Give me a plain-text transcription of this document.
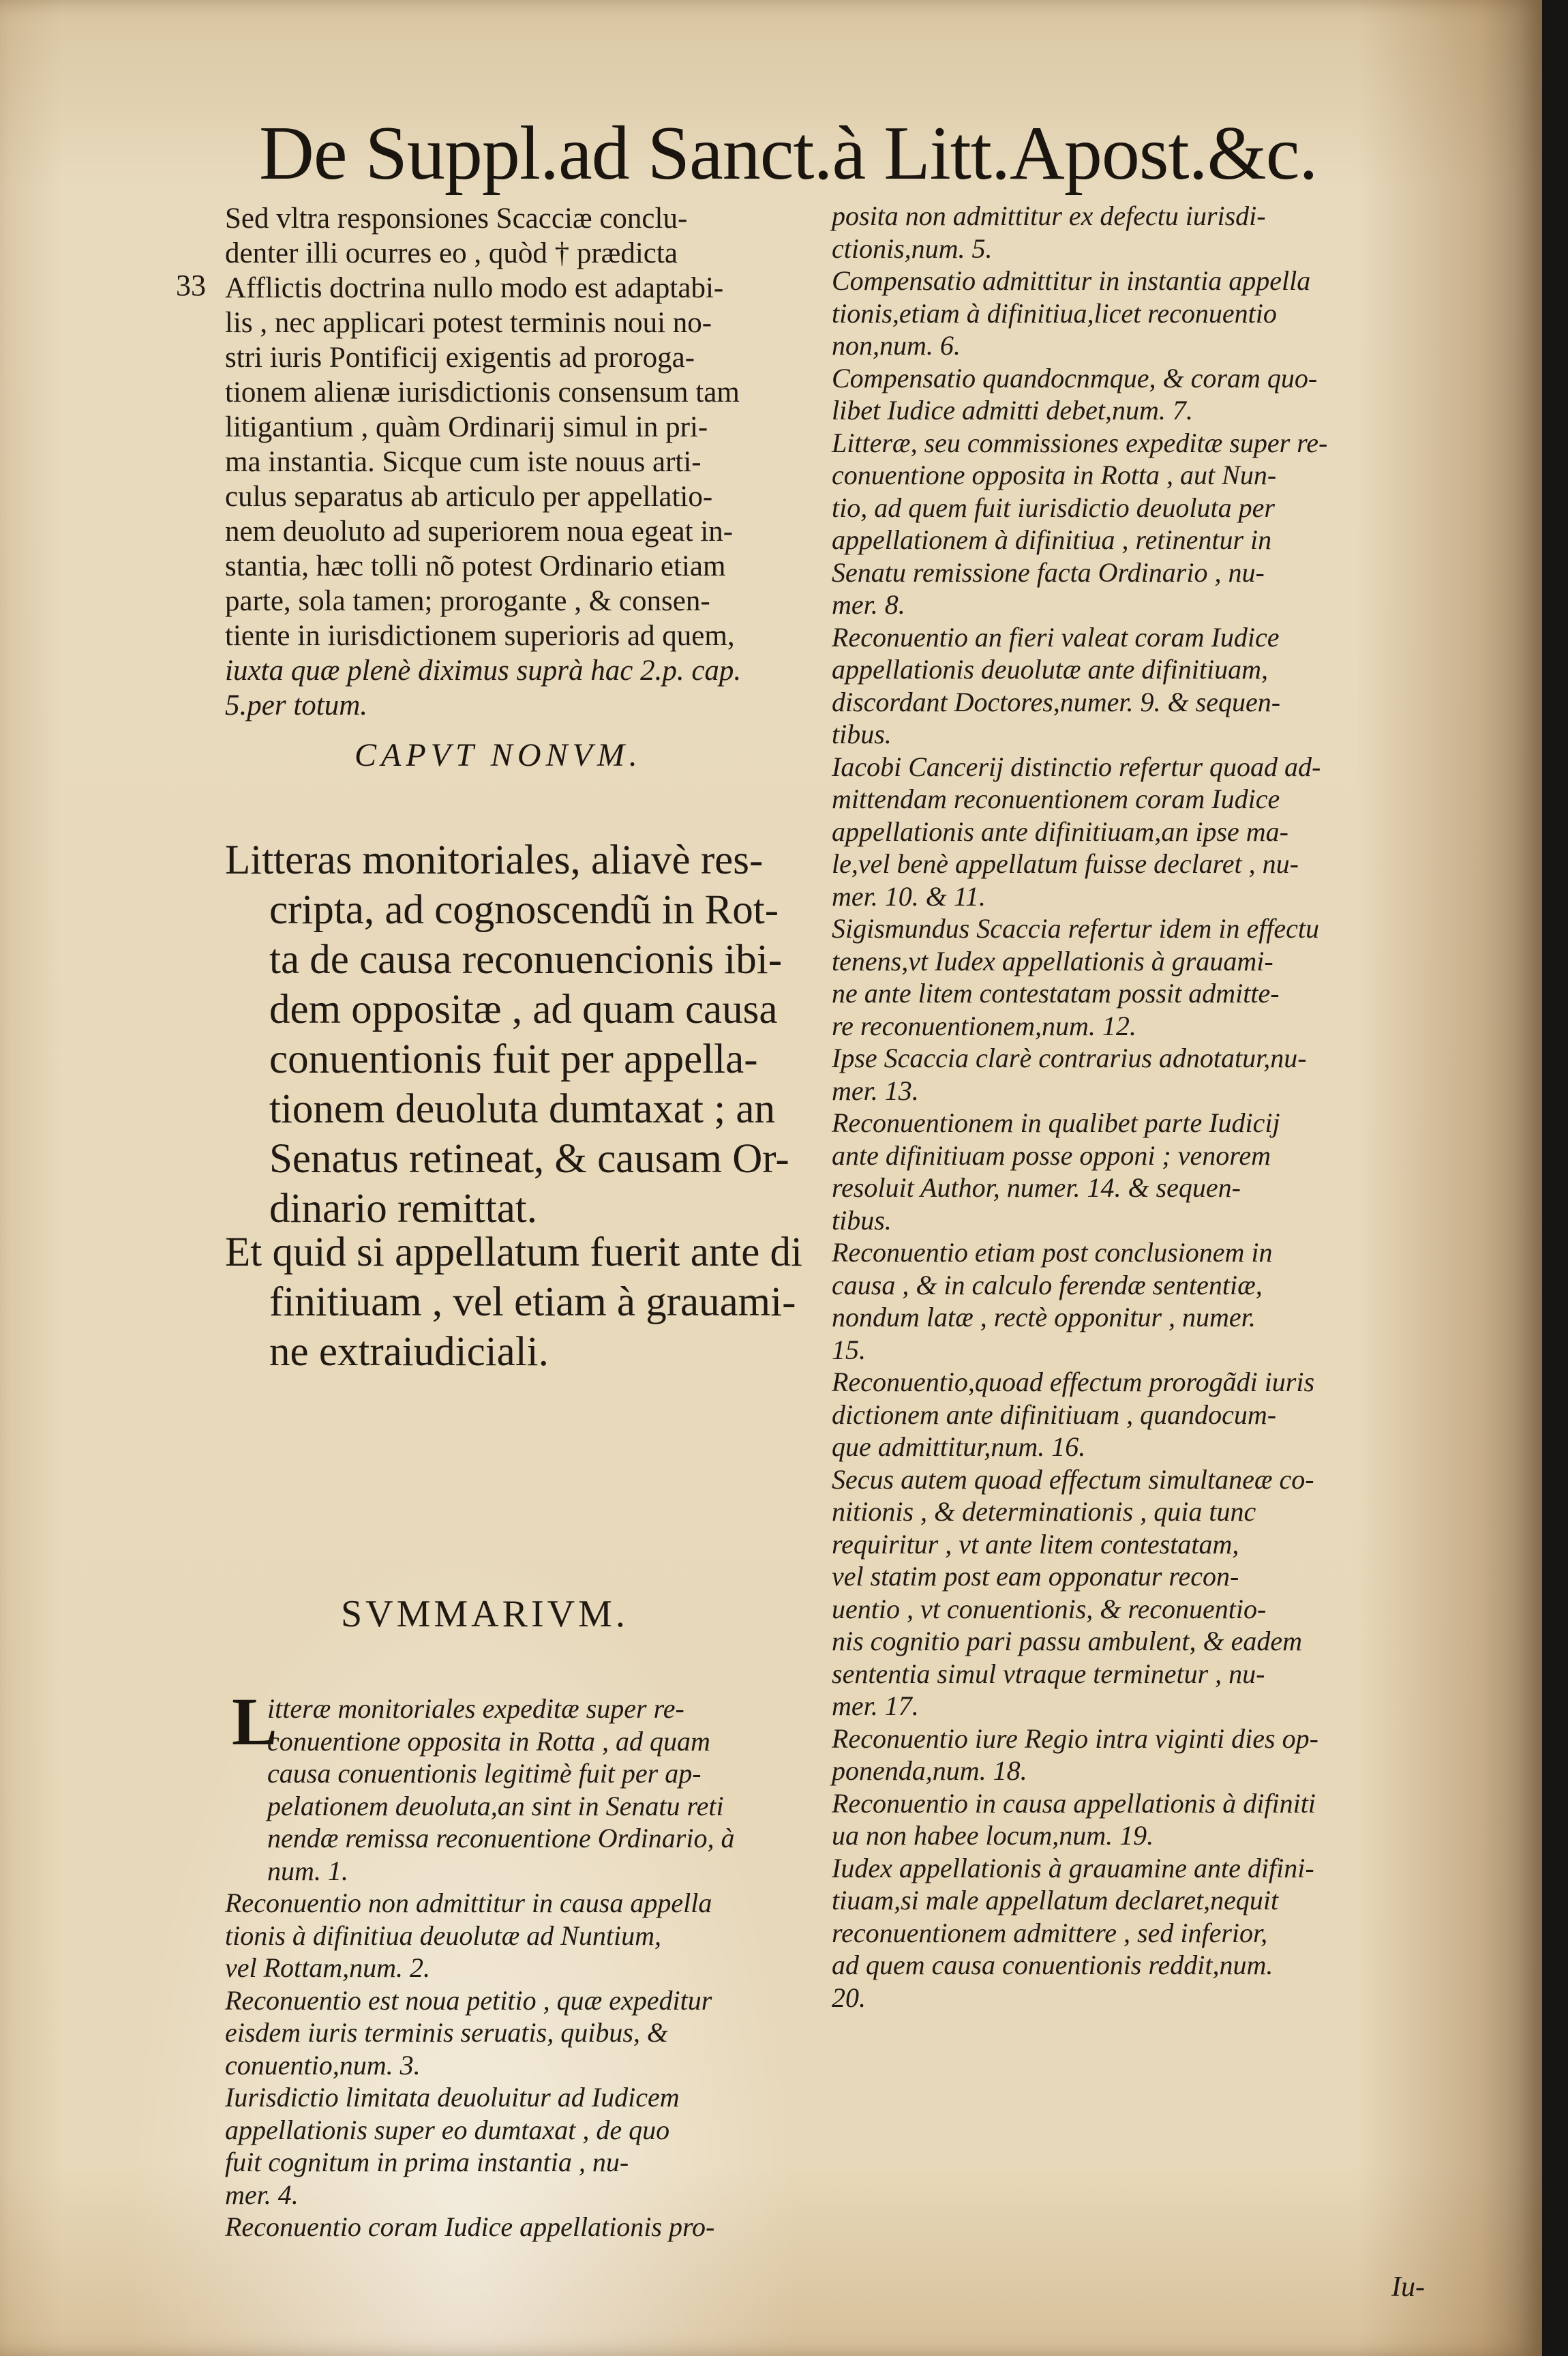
De Suppl.ad Sanct.à Litt.Apost.&c.
33
Sed vltra responsiones Scacciæ conclu-
denter illi ocurres eo , quòd † prædicta
Afflictis doctrina nullo modo est adaptabi-
lis , nec applicari potest terminis noui no-
stri iuris Pontificij exigentis ad proroga-
tionem alienæ iurisdictionis consensum tam
litigantium , quàm Ordinarij simul in pri-
ma instantia. Sicque cum iste nouus arti-
culus separatus ab articulo per appellatio-
nem deuoluto ad superiorem noua egeat in-
stantia, hæc tolli nõ potest Ordinario etiam
parte, sola tamen; prorogante , & consen-
tiente in iurisdictionem superioris ad quem,
iuxta quæ plenè diximus suprà hac 2.p. cap.
5.per totum.
CAPVT NONVM.
Litteras monitoriales, aliavè res-
cripta, ad cognoscendũ in Rot-
ta de causa reconuencionis ibi-
dem oppositæ , ad quam causa
conuentionis fuit per appella-
tionem deuoluta dumtaxat ; an
Senatus retineat, & causam Or-
dinario remittat.
Et quid si appellatum fuerit ante di
finitiuam , vel etiam à grauami-
ne extraiudiciali.
SVMMARIVM.
L
itteræ monitoriales expeditæ super re-
conuentione opposita in Rotta , ad quam
causa conuentionis legitimè fuit per ap-
pelationem deuoluta,an sint in Senatu reti
nendæ remissa reconuentione Ordinario, à
num. 1.
Reconuentio non admittitur in causa appella
tionis à difinitiua deuolutæ ad Nuntium,
vel Rottam,num. 2.
Reconuentio est noua petitio , quæ expeditur
eisdem iuris terminis seruatis, quibus, &
conuentio,num. 3.
Iurisdictio limitata deuoluitur ad Iudicem
appellationis super eo dumtaxat , de quo
fuit cognitum in prima instantia , nu-
mer. 4.
Reconuentio coram Iudice appellationis pro-
posita non admittitur ex defectu iurisdi-
ctionis,num. 5.
Compensatio admittitur in instantia appella
tionis,etiam à difinitiua,licet reconuentio
non,num. 6.
Compensatio quandocnmque, & coram quo-
libet Iudice admitti debet,num. 7.
Litteræ, seu commissiones expeditæ super re-
conuentione opposita in Rotta , aut Nun-
tio, ad quem fuit iurisdictio deuoluta per
appellationem à difinitiua , retinentur in
Senatu remissione facta Ordinario , nu-
mer. 8.
Reconuentio an fieri valeat coram Iudice
appellationis deuolutæ ante difinitiuam,
discordant Doctores,numer. 9. & sequen-
tibus.
Iacobi Cancerij distinctio refertur quoad ad-
mittendam reconuentionem coram Iudice
appellationis ante difinitiuam,an ipse ma-
le,vel benè appellatum fuisse declaret , nu-
mer. 10. & 11.
Sigismundus Scaccia refertur idem in effectu
tenens,vt Iudex appellationis à grauami-
ne ante litem contestatam possit admitte-
re reconuentionem,num. 12.
Ipse Scaccia clarè contrarius adnotatur,nu-
mer. 13.
Reconuentionem in qualibet parte Iudicij
ante difinitiuam posse opponi ; venorem
resoluit Author, numer. 14. & sequen-
tibus.
Reconuentio etiam post conclusionem in
causa , & in calculo ferendæ sententiæ,
nondum latæ , rectè opponitur , numer.
15.
Reconuentio,quoad effectum prorogãdi iuris
dictionem ante difinitiuam , quandocum-
que admittitur,num. 16.
Secus autem quoad effectum simultaneæ co-
nitionis , & determinationis , quia tunc
requiritur , vt ante litem contestatam,
vel statim post eam opponatur recon-
uentio , vt conuentionis, & reconuentio-
nis cognitio pari passu ambulent, & eadem
sententia simul vtraque terminetur , nu-
mer. 17.
Reconuentio iure Regio intra viginti dies op-
ponenda,num. 18.
Reconuentio in causa appellationis à difiniti
ua non habee locum,num. 19.
Iudex appellationis à grauamine ante difini-
tiuam,si male appellatum declaret,nequit
reconuentionem admittere , sed inferior,
ad quem causa conuentionis reddit,num.
20.
Iu-
